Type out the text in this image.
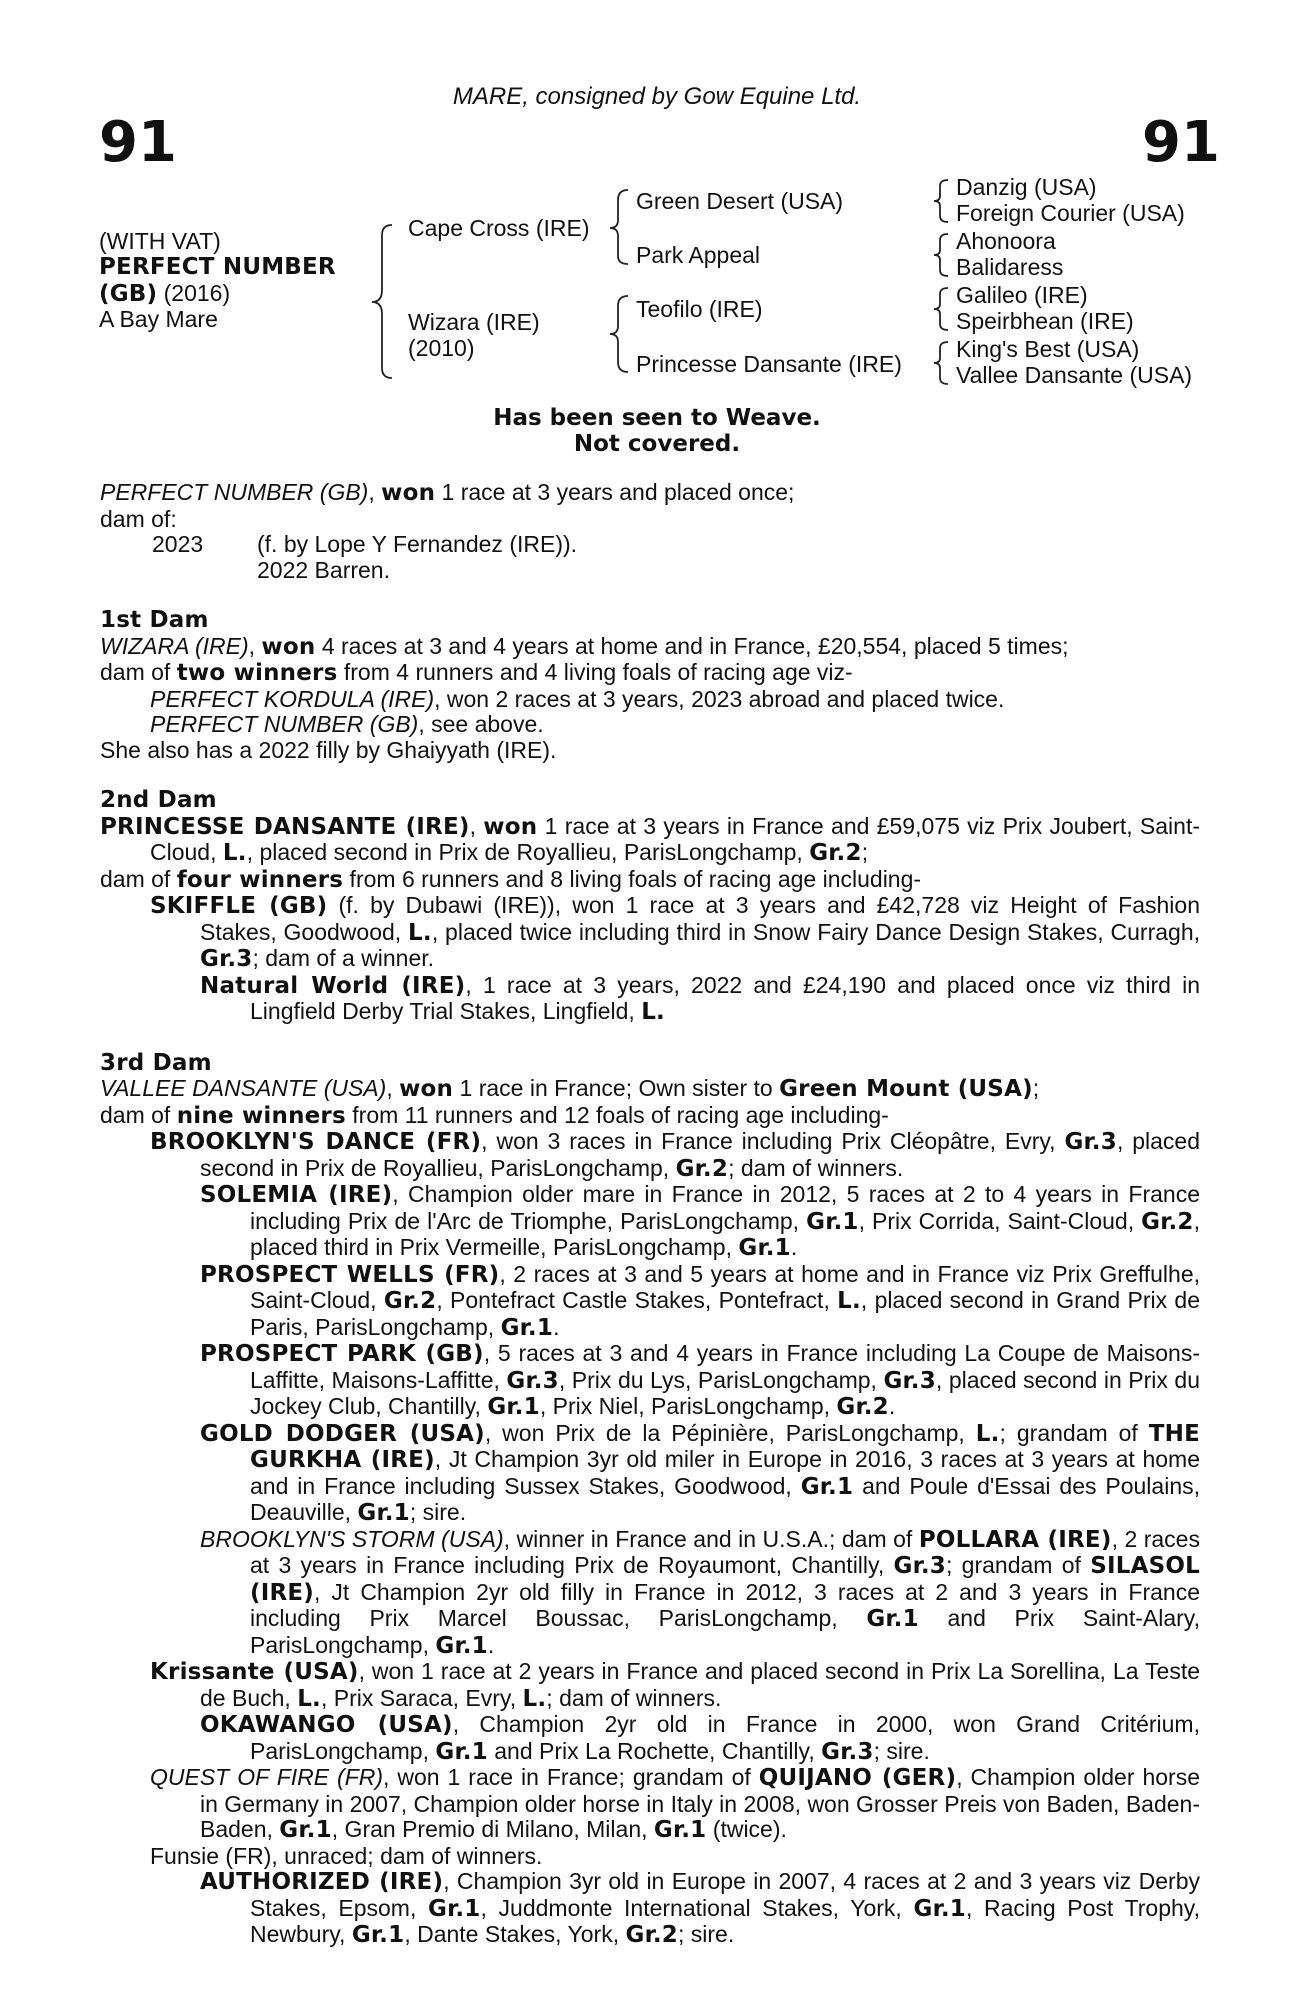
91	91
MARE, consigned by Gow Equine Ltd.
(WITH VAT)
PERFECT NUMBER
(GB) (2016)
A Bay Mare
Cape Cross (IRE)
Wizara (IRE)
(2010)
Green Desert (USA)
Park Appeal
Teofilo (IRE)
Princesse Dansante (IRE)
Danzig (USA)
Foreign Courier (USA)
Ahonoora
Balidaress
Galileo (IRE)
Speirbhean (IRE)
King's Best (USA)
Vallee Dansante (USA)
Has been seen to Weave.
Not covered.

PERFECT NUMBER (GB), won 1 race at 3 years and placed once;

dam of:

2023 (f. by Lope Y Fernandez (IRE)).

2022 Barren.

1st Dam

WIZARA (IRE), won 4 races at 3 and 4 years at home and in France, £20,554, placed 5 times;

dam of two winners from 4 runners and 4 living foals of racing age viz-

PERFECT KORDULA (IRE), won 2 races at 3 years, 2023 abroad and placed twice.

PERFECT NUMBER (GB), see above.

She also has a 2022 filly by Ghaiyyath (IRE).

2nd Dam

PRINCESSE DANSANTE (IRE), won 1 race at 3 years in France and £59,075 viz Prix Joubert, Saint-Cloud, L., placed second in Prix de Royallieu, ParisLongchamp, Gr.2;

dam of four winners from 6 runners and 8 living foals of racing age including-

SKIFFLE (GB) (f. by Dubawi (IRE)), won 1 race at 3 years and £42,728 viz Height of Fashion Stakes, Goodwood, L., placed twice including third in Snow Fairy Dance Design Stakes, Curragh, Gr.3; dam of a winner.

Natural World (IRE), 1 race at 3 years, 2022 and £24,190 and placed once viz third in Lingfield Derby Trial Stakes, Lingfield, L.

3rd Dam

VALLEE DANSANTE (USA), won 1 race in France; Own sister to Green Mount (USA);

dam of nine winners from 11 runners and 12 foals of racing age including-

BROOKLYN'S DANCE (FR), won 3 races in France including Prix Cléopâtre, Evry, Gr.3, placed second in Prix de Royallieu, ParisLongchamp, Gr.2; dam of winners.

SOLEMIA (IRE), Champion older mare in France in 2012, 5 races at 2 to 4 years in France including Prix de l'Arc de Triomphe, ParisLongchamp, Gr.1, Prix Corrida, Saint-Cloud, Gr.2, placed third in Prix Vermeille, ParisLongchamp, Gr.1.

PROSPECT WELLS (FR), 2 races at 3 and 5 years at home and in France viz Prix Greffulhe, Saint-Cloud, Gr.2, Pontefract Castle Stakes, Pontefract, L., placed second in Grand Prix de Paris, ParisLongchamp, Gr.1.

PROSPECT PARK (GB), 5 races at 3 and 4 years in France including La Coupe de Maisons-Laffitte, Maisons-Laffitte, Gr.3, Prix du Lys, ParisLongchamp, Gr.3, placed second in Prix du Jockey Club, Chantilly, Gr.1, Prix Niel, ParisLongchamp, Gr.2.

GOLD DODGER (USA), won Prix de la Pépinière, ParisLongchamp, L.; grandam of THE GURKHA (IRE), Jt Champion 3yr old miler in Europe in 2016, 3 races at 3 years at home and in France including Sussex Stakes, Goodwood, Gr.1 and Poule d'Essai des Poulains, Deauville, Gr.1; sire.

BROOKLYN'S STORM (USA), winner in France and in U.S.A.; dam of POLLARA (IRE), 2 races at 3 years in France including Prix de Royaumont, Chantilly, Gr.3; grandam of SILASOL (IRE), Jt Champion 2yr old filly in France in 2012, 3 races at 2 and 3 years in France including Prix Marcel Boussac, ParisLongchamp, Gr.1 and Prix Saint-Alary, ParisLongchamp, Gr.1.

Krissante (USA), won 1 race at 2 years in France and placed second in Prix La Sorellina, La Teste de Buch, L., Prix Saraca, Evry, L.; dam of winners.

OKAWANGO (USA), Champion 2yr old in France in 2000, won Grand Critérium, ParisLongchamp, Gr.1 and Prix La Rochette, Chantilly, Gr.3; sire.

QUEST OF FIRE (FR), won 1 race in France; grandam of QUIJANO (GER), Champion older horse in Germany in 2007, Champion older horse in Italy in 2008, won Grosser Preis von Baden, Baden-Baden, Gr.1, Gran Premio di Milano, Milan, Gr.1 (twice).

Funsie (FR), unraced; dam of winners.

AUTHORIZED (IRE), Champion 3yr old in Europe in 2007, 4 races at 2 and 3 years viz Derby Stakes, Epsom, Gr.1, Juddmonte International Stakes, York, Gr.1, Racing Post Trophy, Newbury, Gr.1, Dante Stakes, York, Gr.2; sire.
